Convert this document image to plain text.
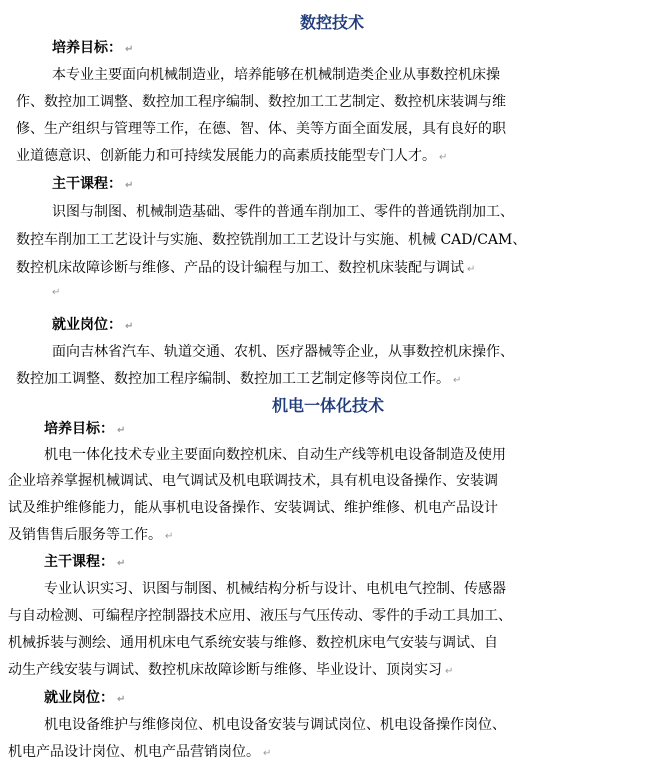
数控技术
培养目标： ↵
本专业主要面向机械制造业，培养能够在机械制造类企业从事数控机床操
作、数控加工调整、数控加工程序编制、数控加工工艺制定、数控机床装调与维
修、生产组织与管理等工作，在德、智、体、美等方面全面发展，具有良好的职
业道德意识、创新能力和可持续发展能力的高素质技能型专门人才。 ↵
主干课程： ↵
识图与制图、机械制造基础、零件的普通车削加工、零件的普通铣削加工、
数控车削加工工艺设计与实施、数控铣削加工工艺设计与实施、机械 CAD/CAM、
数控机床故障诊断与维修、产品的设计编程与加工、数控机床装配与调试 ↵
↵
就业岗位： ↵
面向吉林省汽车、轨道交通、农机、医疗器械等企业，从事数控机床操作、
数控加工调整、数控加工程序编制、数控加工工艺制定修等岗位工作。 ↵
机电一体化技术
培养目标： ↵
机电一体化技术专业主要面向数控机床、自动生产线等机电设备制造及使用
企业培养掌握机械调试、电气调试及机电联调技术，具有机电设备操作、安装调
试及维护维修能力，能从事机电设备操作、安装调试、维护维修、机电产品设计
及销售售后服务等工作。 ↵
主干课程： ↵
专业认识实习、识图与制图、机械结构分析与设计、电机电气控制、传感器
与自动检测、可编程序控制器技术应用、液压与气压传动、零件的手动工具加工、
机械拆装与测绘、通用机床电气系统安装与维修、数控机床电气安装与调试、自
动生产线安装与调试、数控机床故障诊断与维修、毕业设计、顶岗实习 ↵
就业岗位： ↵
机电设备维护与维修岗位、机电设备安装与调试岗位、机电设备操作岗位、
机电产品设计岗位、机电产品营销岗位。 ↵
